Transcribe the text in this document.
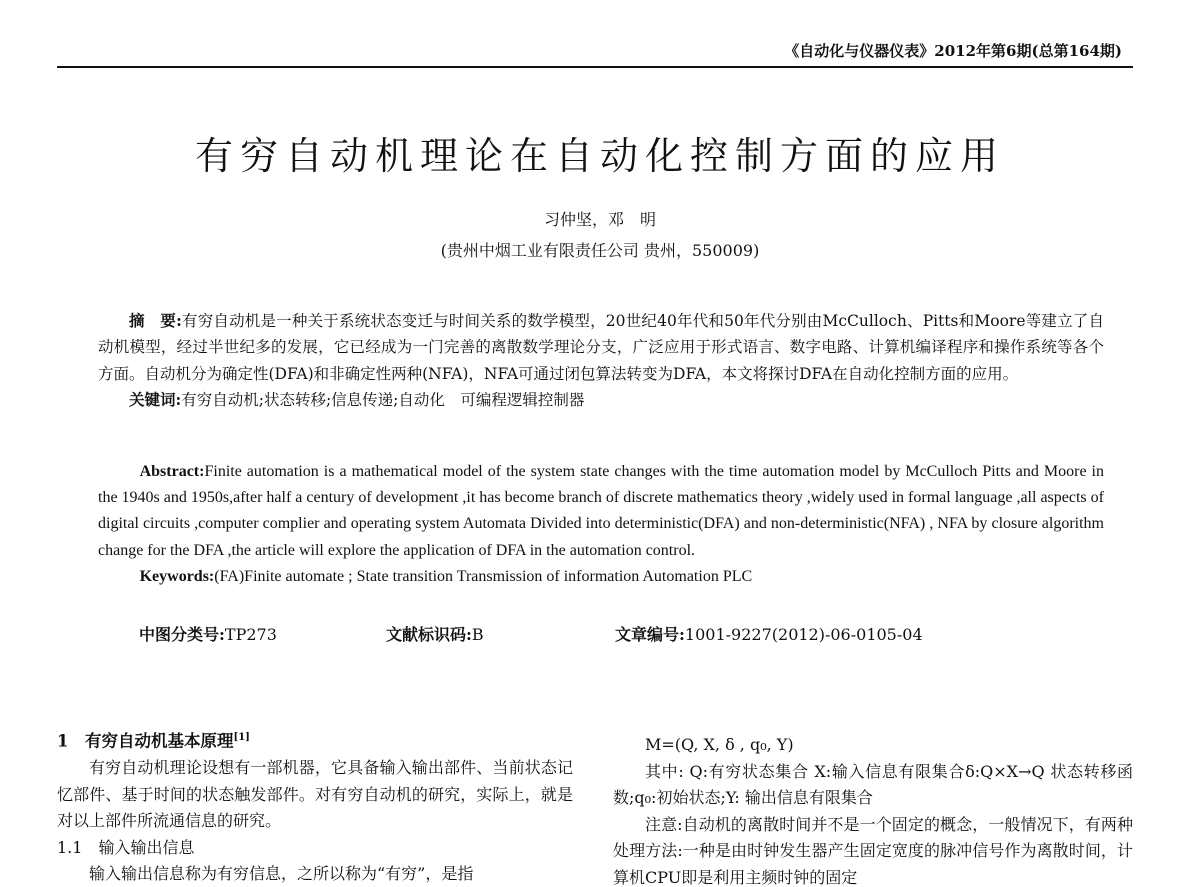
《自动化与仪器仪表》2012年第6期(总第164期)
有穷自动机理论在自动化控制方面的应用
习仲坚，邓　明
(贵州中烟工业有限责任公司 贵州，550009)

摘　要:有穷自动机是一种关于系统状态变迁与时间关系的数学模型，20世纪40年代和50年代分别由McCulloch、Pitts和Moore等建立了自动机模型，经过半世纪多的发展，它已经成为一门完善的离散数学理论分支，广泛应用于形式语言、数字电路、计算机编译程序和操作系统等各个方面。自动机分为确定性(DFA)和非确定性两种(NFA)，NFA可通过闭包算法转变为DFA，本文将探讨DFA在自动化控制方面的应用。

关键词:有穷自动机;状态转移;信息传递;自动化　可编程逻辑控制器

Abstract:Finite automation is a mathematical model of the system state changes with the time automation model by McCulloch Pitts and Moore in the 1940s and 1950s,after half a century of development ,it has become branch of discrete mathematics theory ,widely used in formal language ,all aspects of digital circuits ,computer complier and operating system Automata Divided into deterministic(DFA) and non-deterministic(NFA) , NFA by closure algorithm change for the DFA ,the article will explore the application of DFA in the automation control.

Keywords:(FA)Finite automate ; State transition Transmission of information Automation PLC

中图分类号:TP273	文献标识码:B	文章编号:1001-9227(2012)-06-0105-04

1　有穷自动机基本原理[1]

有穷自动机理论设想有一部机器，它具备输入输出部件、当前状态记忆部件、基于时间的状态触发部件。对有穷自动机的研究，实际上，就是对以上部件所流通信息的研究。

1.1　输入输出信息

输入输出信息称为有穷信息，之所以称为“有穷”，是指

M=(Q, X, δ , q₀, Y)

其中: Q:有穷状态集合 X:输入信息有限集合δ:Q×X→Q 状态转移函数;q₀:初始状态;Y: 输出信息有限集合

注意:自动机的离散时间并不是一个固定的概念，一般情况下，有两种处理方法:一种是由时钟发生器产生固定宽度的脉冲信号作为离散时间，计算机CPU即是利用主频时钟的固定
